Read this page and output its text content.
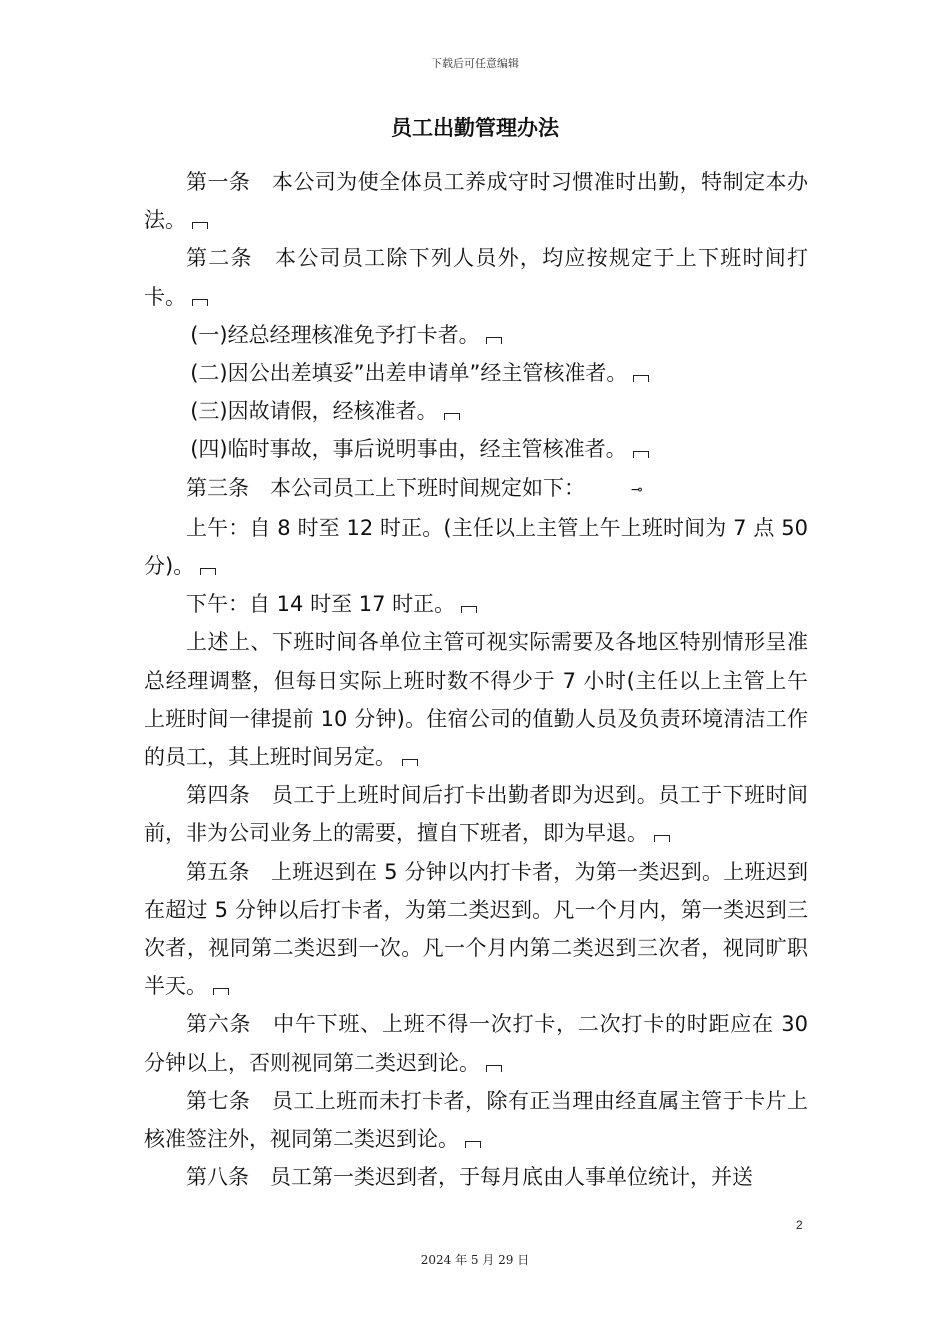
下载后可任意编辑
员工出勤管理办法

第一条　本公司为使全体员工养成守时习惯准时出勤，特制定本办法。

第二条　本公司员工除下列人员外，均应按规定于上下班时间打卡。

(一)经总经理核准免予打卡者。

(二)因公出差填妥”出差申请单”经主管核准者。

(三)因故请假，经核准者。

(四)临时事故，事后说明事由，经主管核准者。

第三条　本公司员工上下班时间规定如下：	⊸

上午：自 8 时至 12 时正。(主任以上主管上午上班时间为 7 点 50 分)。

下午：自 14 时至 17 时正。

上述上、下班时间各单位主管可视实际需要及各地区特别情形呈准总经理调整，但每日实际上班时数不得少于 7 小时(主任以上主管上午上班时间一律提前 10 分钟)。住宿公司的值勤人员及负责环境清洁工作的员工，其上班时间另定。

第四条　员工于上班时间后打卡出勤者即为迟到。员工于下班时间前，非为公司业务上的需要，擅自下班者，即为早退。

第五条　上班迟到在 5 分钟以内打卡者，为第一类迟到。上班迟到在超过 5 分钟以后打卡者，为第二类迟到。凡一个月内，第一类迟到三次者，视同第二类迟到一次。凡一个月内第二类迟到三次者，视同旷职半天。

第六条　中午下班、上班不得一次打卡，二次打卡的时距应在 30 分钟以上，否则视同第二类迟到论。

第七条　员工上班而未打卡者，除有正当理由经直属主管于卡片上核准签注外，视同第二类迟到论。

第八条　员工第一类迟到者，于每月底由人事单位统计，并送

2
2024 年 5 月 29 日
